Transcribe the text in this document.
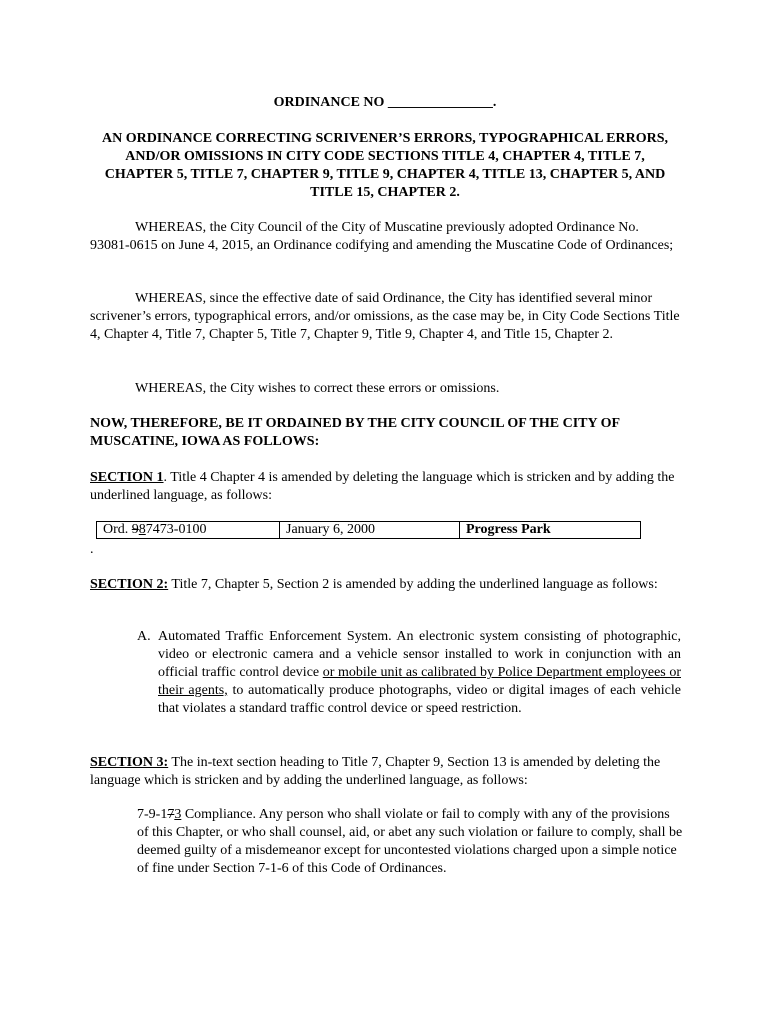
ORDINANCE NO _______________.
AN ORDINANCE CORRECTING SCRIVENER’S ERRORS, TYPOGRAPHICAL ERRORS, AND/OR OMISSIONS IN CITY CODE SECTIONS TITLE 4, CHAPTER 4, TITLE 7, CHAPTER 5, TITLE 7, CHAPTER 9, TITLE 9, CHAPTER 4, TITLE 13, CHAPTER 5, AND TITLE 15, CHAPTER 2.
WHEREAS, the City Council of the City of Muscatine previously adopted Ordinance No. 93081-0615 on June 4, 2015, an Ordinance codifying and amending the Muscatine Code of Ordinances;
WHEREAS, since the effective date of said Ordinance, the City has identified several minor scrivener’s errors, typographical errors, and/or omissions, as the case may be, in City Code Sections Title 4, Chapter 4, Title 7, Chapter 5, Title 7, Chapter 9, Title 9, Chapter 4, and Title 15, Chapter 2.
WHEREAS, the City wishes to correct these errors or omissions.
NOW, THEREFORE, BE IT ORDAINED BY THE CITY COUNCIL OF THE CITY OF MUSCATINE, IOWA AS FOLLOWS:
SECTION 1. Title 4 Chapter 4 is amended by deleting the language which is stricken and by adding the underlined language, as follows:
Ord. 987473-0100	January 6, 2000	Progress Park
.
SECTION 2: Title 7, Chapter 5, Section 2 is amended by adding the underlined language as follows:
A. Automated Traffic Enforcement System. An electronic system consisting of photographic, video or electronic camera and a vehicle sensor installed to work in conjunction with an official traffic control device or mobile unit as calibrated by Police Department employees or their agents, to automatically produce photographs, video or digital images of each vehicle that violates a standard traffic control device or speed restriction.
SECTION 3: The in-text section heading to Title 7, Chapter 9, Section 13 is amended by deleting the language which is stricken and by adding the underlined language, as follows:
7-9-173 Compliance. Any person who shall violate or fail to comply with any of the provisions of this Chapter, or who shall counsel, aid, or abet any such violation or failure to comply, shall be deemed guilty of a misdemeanor except for uncontested violations charged upon a simple notice of fine under Section 7-1-6 of this Code of Ordinances.
